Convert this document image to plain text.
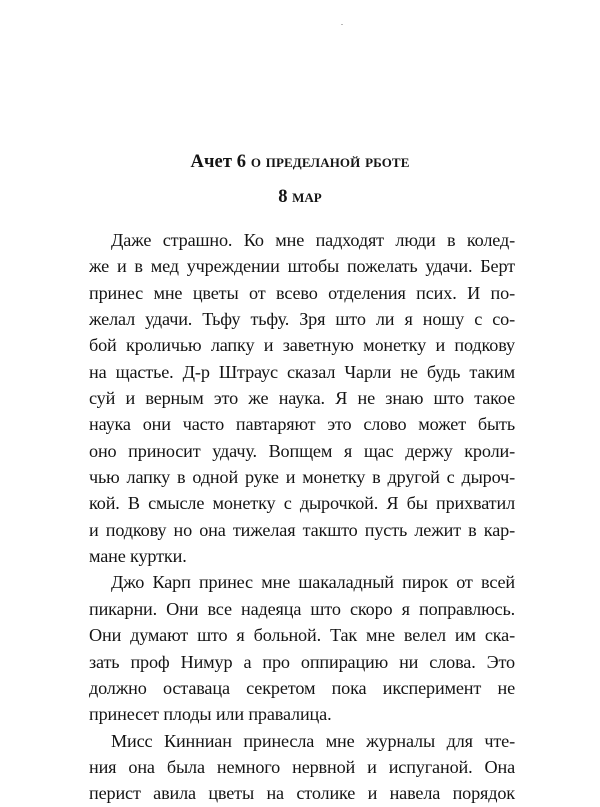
Ачет 6 о пределаной рботе
8 мар
Даже страшно. Ко мне падходят люди в колед-
же и в мед учреждении штобы пожелать удачи. Берт
принес мне цветы от всево отделения псих. И по-
желал удачи. Тьфу тьфу. Зря што ли я ношу с со-
бой кроличью лапку и заветную монетку и подкову
на щастье. Д-р Штраус сказал Чарли не будь таким
суй и верным это же наука. Я не знаю што такое
наука они часто павтаряют это слово может быть
оно приносит удачу. Вопщем я щас держу кроли-
чью лапку в одной руке и монетку в другой с дыроч-
кой. В смысле монетку с дырочкой. Я бы прихватил
и подкову но она тижелая такшто пусть лежит в кар-
мане куртки.
Джо Карп принес мне шакаладный пирок от всей
пикарни. Они все надеяца што скоро я поправлюсь.
Они думают што я больной. Так мне велел им ска-
зать проф Нимур а про оппирацию ни слова. Это
должно оставаца секретом пока иксперимент не
принесет плоды или правалица.
Мисс Кинниан принесла мне журналы для чте-
ния она была немного нервной и испуганой. Она
перист авила цветы на столике и навела порядок
